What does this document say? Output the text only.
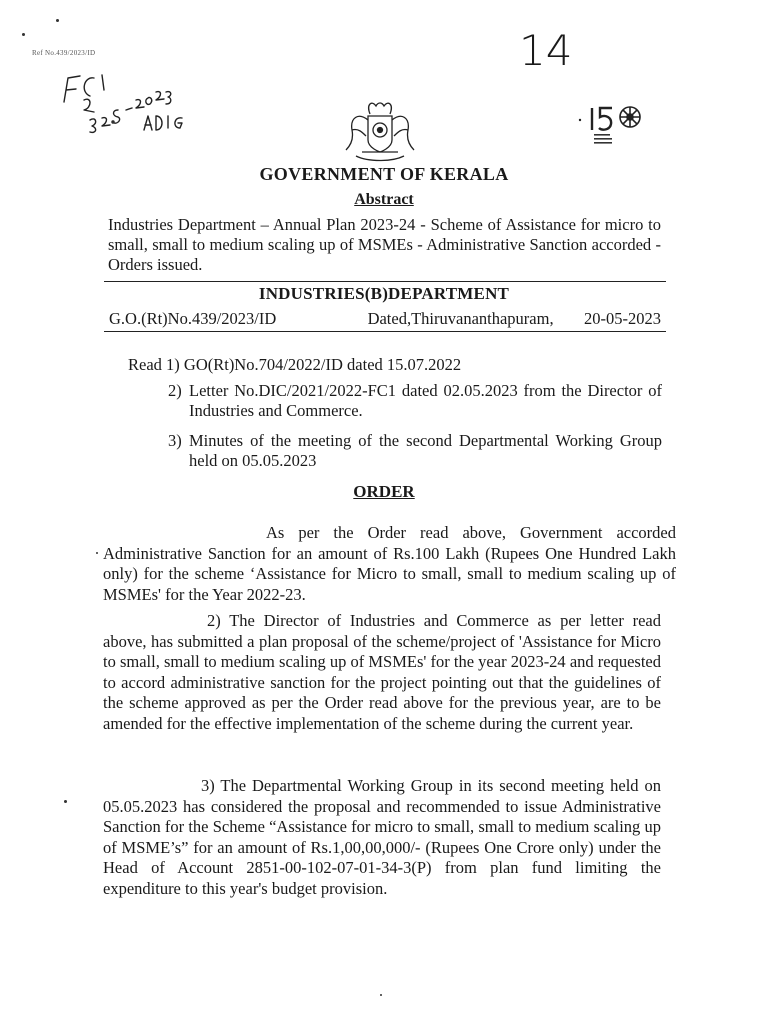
Ref No.439/2023/ID	14
GOVERNMENT OF KERALA
Abstract
Industries Department – Annual Plan 2023-24 - Scheme of Assistance for micro to small, small to medium scaling up of MSMEs - Administrative Sanction accorded - Orders issued.
INDUSTRIES(B)DEPARTMENT
G.O.(Rt)No.439/2023/ID   Dated,Thiruvananthapuram, 20-05-2023
Read 1) GO(Rt)No.704/2022/ID dated 15.07.2022
2) Letter No.DIC/2021/2022-FC1 dated 02.05.2023 from the Director of Industries and Commerce.
3) Minutes of the meeting of the second Departmental Working Group held on 05.05.2023
ORDER
As per the Order read above, Government accorded Administrative Sanction for an amount of Rs.100 Lakh (Rupees One Hundred Lakh only) for the scheme ‘Assistance for Micro to small, small to medium scaling up of MSMEs' for the Year 2022-23.
2) The Director of Industries and Commerce as per letter read above, has submitted a plan proposal of the scheme/project of 'Assistance for Micro to small, small to medium scaling up of MSMEs' for the year 2023-24 and requested to accord administrative sanction for the project pointing out that the guidelines of the scheme approved as per the Order read above for the previous year, are to be amended for the effective implementation of the scheme during the current year.
3) The Departmental Working Group in its second meeting held on 05.05.2023 has considered the proposal and recommended to issue Administrative Sanction for the Scheme “Assistance for micro to small, small to medium scaling up of MSME’s” for an amount of Rs.1,00,00,000/- (Rupees One Crore only) under the Head of Account 2851-00-102-07-01-34-3(P) from plan fund limiting the expenditure to this year's budget provision.
